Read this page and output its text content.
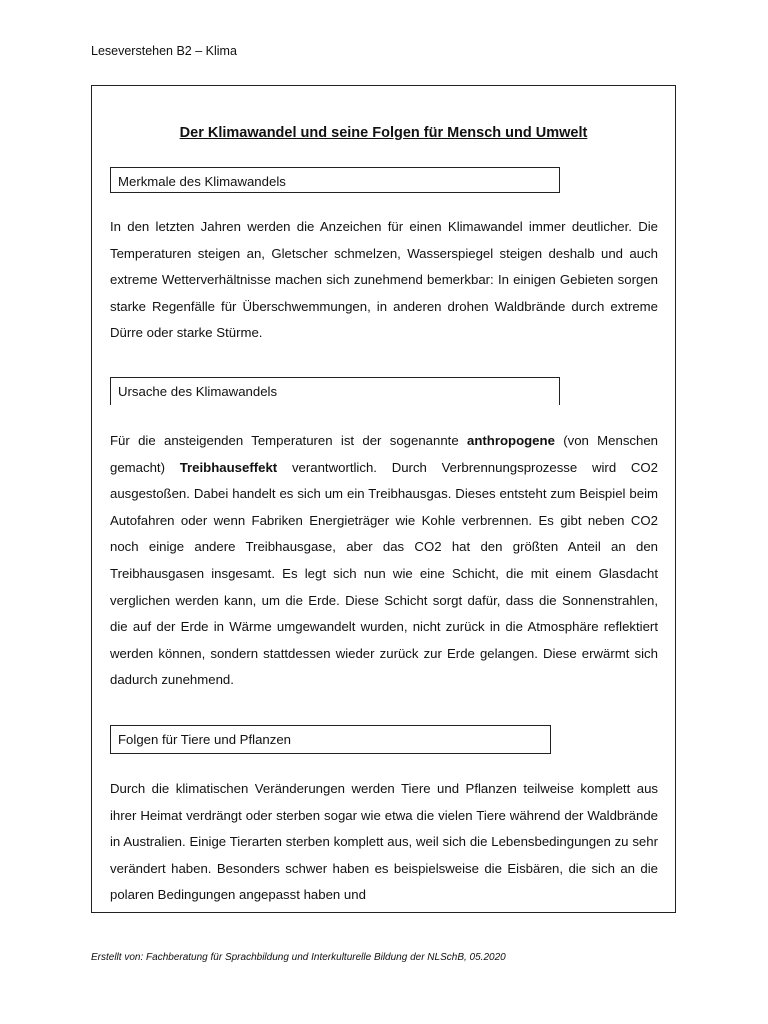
Leseverstehen B2 – Klima
Der Klimawandel und seine Folgen für Mensch und Umwelt
Merkmale des Klimawandels

In den letzten Jahren werden die Anzeichen für einen Klimawandel immer deutlicher. Die Temperaturen steigen an, Gletscher schmelzen, Wasserspiegel steigen deshalb und auch extreme Wetterverhältnisse machen sich zunehmend bemerkbar: In einigen Gebieten sorgen starke Regenfälle für Überschwemmungen, in anderen drohen Waldbrände durch extreme Dürre oder starke Stürme.

Ursache des Klimawandels

Für die ansteigenden Temperaturen ist der sogenannte anthropogene (von Menschen gemacht) Treibhauseffekt verantwortlich. Durch Verbrennungsprozesse wird CO2 ausgestoßen. Dabei handelt es sich um ein Treibhausgas. Dieses entsteht zum Beispiel beim Autofahren oder wenn Fabriken Energieträger wie Kohle verbrennen. Es gibt neben CO2 noch einige andere Treibhausgase, aber das CO2 hat den größten Anteil an den Treibhausgasen insgesamt. Es legt sich nun wie eine Schicht, die mit einem Glasdacht verglichen werden kann, um die Erde. Diese Schicht sorgt dafür, dass die Sonnenstrahlen, die auf der Erde in Wärme umgewandelt wurden, nicht zurück in die Atmosphäre reflektiert werden können, sondern stattdessen wieder zurück zur Erde gelangen. Diese erwärmt sich dadurch zunehmend.

Folgen für Tiere und Pflanzen

Durch die klimatischen Veränderungen werden Tiere und Pflanzen teilweise komplett aus ihrer Heimat verdrängt oder sterben sogar wie etwa die vielen Tiere während der Waldbrände in Australien. Einige Tierarten sterben komplett aus, weil sich die Lebensbedingungen zu sehr verändert haben. Besonders schwer haben es beispielsweise die Eisbären, die sich an die polaren Bedingungen angepasst haben und

Erstellt von: Fachberatung für Sprachbildung und Interkulturelle Bildung der NLSchB, 05.2020
